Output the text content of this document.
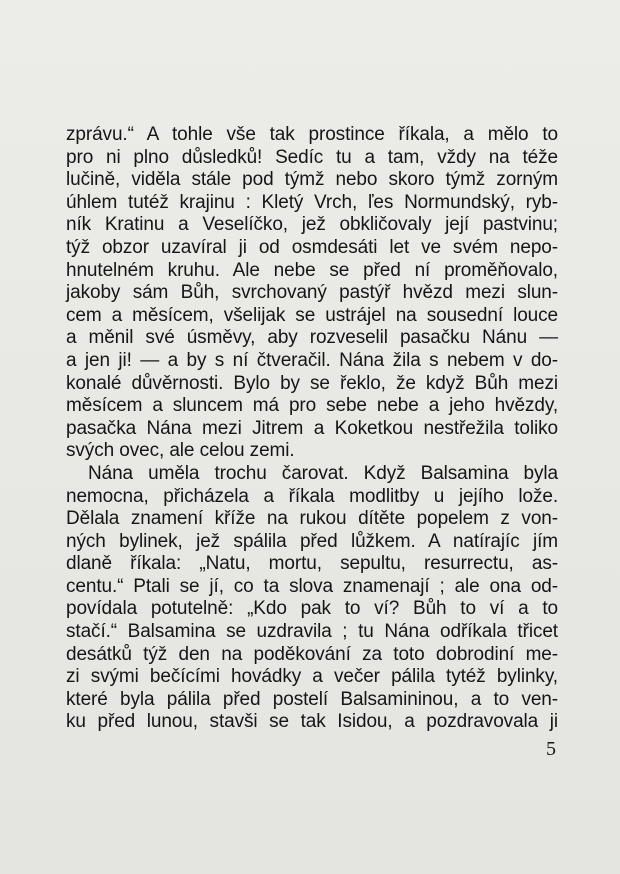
zprávu.“ A tohle vše tak prostince říkala, a mělo to
pro ni plno důsledků! Sedíc tu a tam, vždy na téže
lučině, viděla stále pod týmž nebo skoro týmž zorným
úhlem tutéž krajinu : Kletý Vrch, ľes Normundský, ryb-
ník Kratinu a Veselíčko, jež obkličovaly její pastvinu;
týž obzor uzavíral ji od osmdesáti let ve svém nepo-
hnutelném kruhu. Ale nebe se před ní proměňovalo,
jakoby sám Bůh, svrchovaný pastýř hvězd mezi slun-
cem a měsícem, všelijak se ustrájel na sousední louce
a měnil své úsměvy, aby rozveselil pasačku Nánu —
a jen ji! — a by s ní čtveračil. Nána žila s nebem v do-
konalé důvěrnosti. Bylo by se řeklo, že když Bůh mezi
měsícem a sluncem má pro sebe nebe a jeho hvězdy,
pasačka Nána mezi Jitrem a Koketkou nestřežila toliko
svých ovec, ale celou zemi.
Nána uměla trochu čarovat. Když Balsamina byla
nemocna, přicházela a říkala modlitby u jejího lože.
Dělala znamení kříže na rukou dítěte popelem z von-
ných bylinek, jež spálila před lůžkem. A natírajíc jím
dlaně říkala: „Natu, mortu, sepultu, resurrectu, as-
centu.“ Ptali se jí, co ta slova znamenají ; ale ona od-
povídala potutelně: „Kdo pak to ví? Bůh to ví a to
stačí.“ Balsamina se uzdravila ; tu Nána odříkala třicet
desátků týž den na poděkování za toto dobrodiní me-
zi svými bečícími hovádky a večer pálila tytéž bylinky,
které byla pálila před postelí Balsamininou, a to ven-
ku před lunou, stavši se tak Isidou, a pozdravovala ji
5
